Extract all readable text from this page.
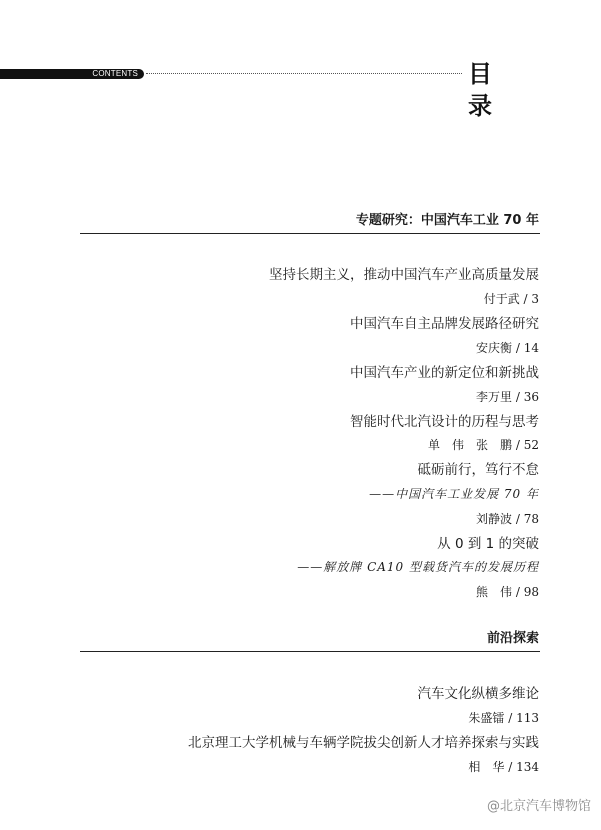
CONTENTS	目 录
专题研究：中国汽车工业 70 年
坚持长期主义，推动中国汽车产业高质量发展
付于武 / 3
中国汽车自主品牌发展路径研究
安庆衡 / 14
中国汽车产业的新定位和新挑战
李万里 / 36
智能时代北汽设计的历程与思考
单　伟　张　鹏 / 52
砥砺前行，笃行不怠
——中国汽车工业发展 70 年
刘静波 / 78
从 0 到 1 的突破
——解放牌 CA10 型载货汽车的发展历程
熊　伟 / 98
前沿探索
汽车文化纵横多维论
朱盛镭 / 113
北京理工大学机械与车辆学院拔尖创新人才培养探索与实践
相　华 / 134
@北京汽车博物馆
